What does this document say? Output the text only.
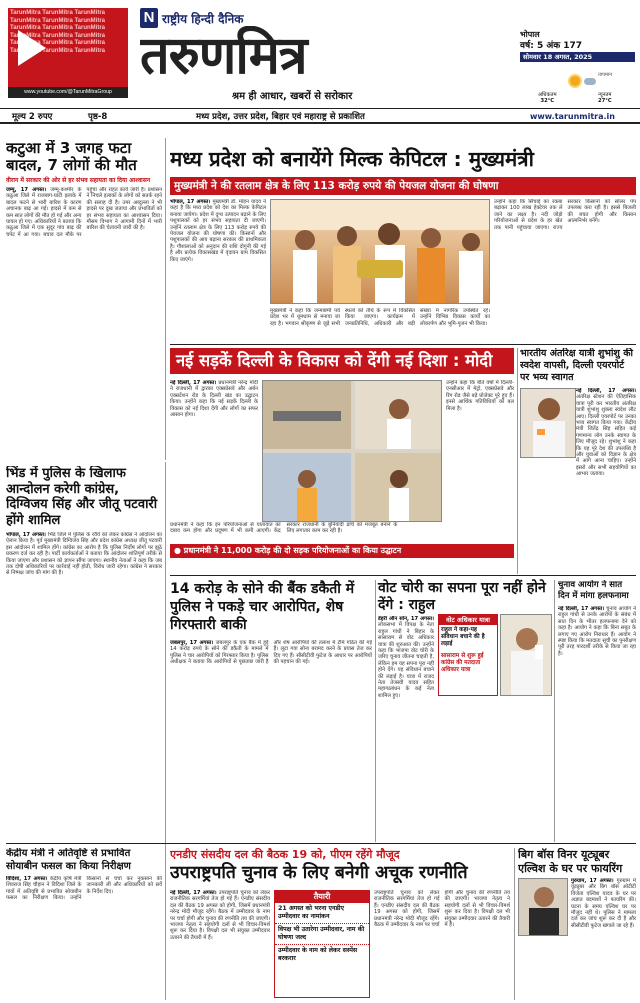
TarunMitra TarunMitra TarunMitra
TarunMitra TarunMitra TarunMitra
TarunMitra TarunMitra TarunMitra
TarunMitra TarunMitra TarunMitra
TarunMitra TarunMitra TarunMitra
TarunMitra TarunMitra TarunMitra
www.youtube.com/@TarunMitraGroup
N राष्ट्रीय हिन्दी दैनिक
तरुणमित्र
श्रम ही आधार, खबरों से सरोकार
भोपाल
वर्ष: 5 अंक 177
सोमवार 18 अगस्त, 2025
तापमान
अधिकतम
32°C
न्यूनतम
27°C
मूल्य 2 रुपए	पृष्ठ-8	मध्य प्रदेश, उत्तर प्रदेश, बिहार एवं महाराष्ट्र से प्रकाशित	www.tarunmitra.in
कटुआ में 3 जगह फटा बादल, 7 लोगों की मौत
वीरान में सरकार की ओर से हर संभव सहायता का दिया आश्वासन
जम्मू, 17 अगस्त। जम्मू-कश्मीर के कठुआ जिले में राजबाग-घाटी इलाके में बादल फटने से भारी बारिश के कारण अचानक बाढ़ आ गई। हादसे में कम से कम सात लोगों की मौत हो गई और अन्य घायल हो गए। अधिकारियों ने बताया कि कठुआ जिले में एक सुदूर गांव बाढ़ की चपेट में आ गया। बचाव दल मौके पर पहुंचा और राहत कार्य जारी है। प्रशासन ने निचले इलाकों के लोगों को सतर्क रहने की सलाह दी है। उमर अब्दुल्ला ने भी हादसे पर दुख जताया और प्रभावितों को हर संभव सहायता का आश्वासन दिया। मौसम विभाग ने आगामी दिनों में भारी बारिश की चेतावनी जारी की है।
मध्य प्रदेश को बनायेंगे मिल्क केपिटल : मुख्यमंत्री
मुख्यमंत्री ने की रतलाम क्षेत्र के लिए 113 करोड़ रुपये की पेयजल योजना की घोषणा
भोपाल, 17 अगस्त। मुख्यमंत्री डॉ. मोहन यादव ने कहा है कि मध्य प्रदेश को देश का मिल्क केपिटल बनाया जायेगा। प्रदेश में दुग्ध उत्पादन बढ़ाने के लिए पशुपालकों को हर संभव सहायता दी जाएगी। उन्होंने रतलाम क्षेत्र के लिए 113 करोड़ रुपये की पेयजल योजना की घोषणा की। किसानों और पशुपालकों की आय बढ़ाना सरकार की प्राथमिकता है। गौशालाओं को अनुदान की राशि दोगुनी की गई है और प्रत्येक विकासखंड में वृंदावन ग्राम विकसित किए जाएंगे।
उन्होंने कहा कि सिंचाई का रकबा बढ़ाकर 100 लाख हेक्टेयर तक ले जाने का लक्ष्य है। नदी जोड़ो परियोजनाओं से प्रदेश के हर खेत तक पानी पहुंचाया जाएगा। राज्य सरकार किसानों को सोलर पंप उपलब्ध करा रही है। इससे बिजली की बचत होगी और किसान आत्मनिर्भर बनेंगे।
मुख्यमंत्री ने कहा कि जन्माष्टमी पर्व प्रदेश भर में धूमधाम से मनाया जा रहा है। भगवान श्रीकृष्ण से जुड़े सभी स्थलों को तीर्थ के रूप में विकसित किया जाएगा। कार्यक्रम में जनप्रतिनिधि, अधिकारी और बड़ी संख्या में नागरिक उपस्थित रहे। उन्होंने विभिन्न विकास कार्यों का लोकार्पण और भूमि-पूजन भी किया।
भिंड में पुलिस के खिलाफ आन्दोलन करेगी कांग्रेस, दिग्विजय सिंह और जीतू पटवारी होंगे शामिल
भोपाल, 17 अगस्त। भिंड जिले में पुलिस के रवैये को लेकर कांग्रेस ने आंदोलन का ऐलान किया है। पूर्व मुख्यमंत्री दिग्विजय सिंह और प्रदेश कांग्रेस अध्यक्ष जीतू पटवारी इस आंदोलन में शामिल होंगे। कांग्रेस का आरोप है कि पुलिस निर्दोष लोगों पर झूठे प्रकरण दर्ज कर रही है। पार्टी कार्यकर्ताओं ने बताया कि आंदोलन शांतिपूर्ण तरीके से किया जाएगा और प्रशासन को ज्ञापन सौंपा जाएगा। स्थानीय नेताओं ने कहा कि जब तक दोषी अधिकारियों पर कार्रवाई नहीं होती, विरोध जारी रहेगा। कांग्रेस ने सरकार से निष्पक्ष जांच की मांग की है।
नई सड़कें दिल्ली के विकास को देंगी नई दिशा : मोदी
नई दिल्ली, 17 अगस्त। प्रधानमंत्री नरेन्द्र मोदी ने राजधानी में द्वारका एक्सप्रेसवे और अर्बन एक्सटेंशन रोड के दिल्ली खंड का उद्घाटन किया। उन्होंने कहा कि नई सड़कें दिल्ली के विकास को नई दिशा देंगी और लोगों का सफर आसान होगा।
उन्होंने कहा कि बीते वर्षों में दिल्ली-एनसीआर में मेट्रो, एक्सप्रेसवे और रिंग रोड जैसे बड़े प्रोजेक्ट पूरे हुए हैं। इनसे आर्थिक गतिविधियों को बल मिला है।
● प्रधानमंत्री ने 11,000 करोड़ की दो सड़क परियोजनाओं का किया उद्घाटन
प्रधानमंत्री ने कहा कि इन परियोजनाओं से यातायात का दबाव कम होगा और प्रदूषण में भी कमी आएगी। केंद्र सरकार राजधानी के बुनियादी ढांचे को मजबूत बनाने के लिए लगातार काम कर रही है।
भारतीय अंतरिक्ष यात्री शुभांशु की स्वदेश वापसी, दिल्ली एयरपोर्ट पर भव्य स्वागत
नई दिल्ली, 17 अगस्त। अंतरिक्ष स्टेशन की ऐतिहासिक यात्रा पूरी कर भारतीय अंतरिक्ष यात्री शुभांशु शुक्ला स्वदेश लौट आए। दिल्ली एयरपोर्ट पर उनका भव्य स्वागत किया गया। केंद्रीय मंत्री जितेंद्र सिंह सहित कई गणमान्य लोग उनके स्वागत के लिए मौजूद रहे। शुभांशु ने कहा कि यह पूरे देश की उपलब्धि है और युवाओं को विज्ञान के क्षेत्र में आगे आना चाहिए। उन्होंने इसरो और सभी सहयोगियों का आभार जताया।
14 करोड़ के सोने की बैंक डकैती में पुलिस ने पकड़े चार आरोपित, शेष गिरफ्तारी बाकी
जबलपुर, 17 अगस्त। जबलपुर के एक बैंक में हुई 14 करोड़ रुपये के सोने की डकैती के मामले में पुलिस ने चार आरोपियों को गिरफ्तार किया है। पुलिस अधीक्षक ने बताया कि आरोपियों से पूछताछ जारी है और शेष आरोपियों की तलाश में टीमें गठित की गई हैं। लूटा गया सोना बरामद करने के प्रयास तेज कर दिए गए हैं। सीसीटीवी फुटेज के आधार पर आरोपियों की पहचान की गई।
वोट चोरी का सपना पूरा नहीं होने देंगे : राहुल
डेहरी ऑन सोन, 17 अगस्त। लोकसभा में विपक्ष के नेता राहुल गांधी ने बिहार के सासाराम से वोट अधिकार यात्रा की शुरुआत की। उन्होंने कहा कि भाजपा वोट चोरी के जरिए चुनाव जीतना चाहती है, लेकिन हम यह सपना पूरा नहीं होने देंगे। यह संविधान बचाने की लड़ाई है। यात्रा में राजद नेता तेजस्वी यादव सहित महागठबंधन के कई नेता शामिल हुए।
वोट अधिकार यात्रा
राहुल ने कहा-यह संविधान बचाने की है लड़ाई
सासाराम से शुरू हुई कांग्रेस की मतदाता अधिकार यात्रा
चुनाव आयोग ने सात दिन में मांगा हलफनामा
नई दिल्ली, 17 अगस्त। चुनाव आयोग ने राहुल गांधी से उनके आरोपों के संबंध में सात दिन के भीतर हलफनामा देने को कहा है। आयोग ने कहा कि बिना सबूत के लगाए गए आरोप निराधार हैं। आयोग ने स्पष्ट किया कि मतदाता सूची का पुनरीक्षण पूरी तरह पारदर्शी तरीके से किया जा रहा है।
केंद्रीय मंत्री ने अतिवृष्टि से प्रभावित सोयाबीन फसल का किया निरीक्षण
विदिशा, 17 अगस्त। केंद्रीय कृषि मंत्री शिवराज सिंह चौहान ने विदिशा जिले के गांवों में अतिवृष्टि से प्रभावित सोयाबीन फसल का निरीक्षण किया। उन्होंने किसानों से चर्चा कर नुकसान की जानकारी ली और अधिकारियों को सर्वे के निर्देश दिए।
एनडीए संसदीय दल की बैठक 19 को, पीएम रहेंगे मौजूद
उपराष्ट्रपति चुनाव के लिए बनेगी अचूक रणनीति
नई दिल्ली, 17 अगस्त। उपराष्ट्रपति चुनाव को लेकर राजनीतिक सरगर्मियां तेज हो गई हैं। एनडीए संसदीय दल की बैठक 19 अगस्त को होगी, जिसमें प्रधानमंत्री नरेन्द्र मोदी मौजूद रहेंगे। बैठक में उम्मीदवार के नाम पर चर्चा होगी और चुनाव की रणनीति तय की जाएगी। भाजपा नेतृत्व ने सहयोगी दलों से भी विचार-विमर्श शुरू कर दिया है। विपक्षी दल भी संयुक्त उम्मीदवार उतारने की तैयारी में हैं।
तैयारी
21 अगस्त को भरना एनडीए उम्मीदवार का नामांकन
विपक्ष भी उतारेगा उम्मीदवार, नाम की घोषणा जल्द
उम्मीदवार के नाम को लेकर सस्पेंस बरकरार
उपराष्ट्रपति चुनाव को लेकर राजनीतिक सरगर्मियां तेज हो गई हैं। एनडीए संसदीय दल की बैठक 19 अगस्त को होगी, जिसमें प्रधानमंत्री नरेन्द्र मोदी मौजूद रहेंगे। बैठक में उम्मीदवार के नाम पर चर्चा होगी और चुनाव की रणनीति तय की जाएगी। भाजपा नेतृत्व ने सहयोगी दलों से भी विचार-विमर्श शुरू कर दिया है। विपक्षी दल भी संयुक्त उम्मीदवार उतारने की तैयारी में हैं।
बिग बॉस विनर यूट्यूबर एल्विश के घर पर फायरिंग
गुरुग्राम, 17 अगस्त। गुरुग्राम में यूट्यूबर और बिग बॉस ओटीटी विजेता एल्विश यादव के घर पर अज्ञात बदमाशों ने फायरिंग की। घटना के समय एल्विश घर पर मौजूद नहीं थे। पुलिस ने मामला दर्ज कर जांच शुरू कर दी है और सीसीटीवी फुटेज खंगाले जा रहे हैं।
